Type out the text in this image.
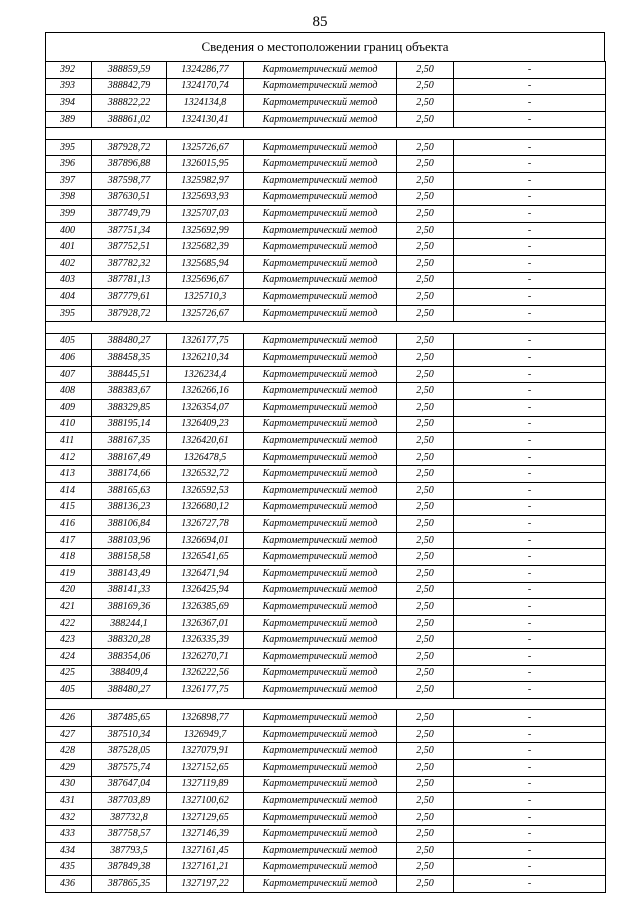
85
Сведения о местоположении границ объекта
392	388859,59	1324286,77	Картометрический метод	2,50	-
393	388842,79	1324170,74	Картометрический метод	2,50	-
394	388822,22	1324134,8	Картометрический метод	2,50	-
389	388861,02	1324130,41	Картометрический метод	2,50	-

395	387928,72	1325726,67	Картометрический метод	2,50	-
396	387896,88	1326015,95	Картометрический метод	2,50	-
397	387598,77	1325982,97	Картометрический метод	2,50	-
398	387630,51	1325693,93	Картометрический метод	2,50	-
399	387749,79	1325707,03	Картометрический метод	2,50	-
400	387751,34	1325692,99	Картометрический метод	2,50	-
401	387752,51	1325682,39	Картометрический метод	2,50	-
402	387782,32	1325685,94	Картометрический метод	2,50	-
403	387781,13	1325696,67	Картометрический метод	2,50	-
404	387779,61	1325710,3	Картометрический метод	2,50	-
395	387928,72	1325726,67	Картометрический метод	2,50	-

405	388480,27	1326177,75	Картометрический метод	2,50	-
406	388458,35	1326210,34	Картометрический метод	2,50	-
407	388445,51	1326234,4	Картометрический метод	2,50	-
408	388383,67	1326266,16	Картометрический метод	2,50	-
409	388329,85	1326354,07	Картометрический метод	2,50	-
410	388195,14	1326409,23	Картометрический метод	2,50	-
411	388167,35	1326420,61	Картометрический метод	2,50	-
412	388167,49	1326478,5	Картометрический метод	2,50	-
413	388174,66	1326532,72	Картометрический метод	2,50	-
414	388165,63	1326592,53	Картометрический метод	2,50	-
415	388136,23	1326680,12	Картометрический метод	2,50	-
416	388106,84	1326727,78	Картометрический метод	2,50	-
417	388103,96	1326694,01	Картометрический метод	2,50	-
418	388158,58	1326541,65	Картометрический метод	2,50	-
419	388143,49	1326471,94	Картометрический метод	2,50	-
420	388141,33	1326425,94	Картометрический метод	2,50	-
421	388169,36	1326385,69	Картометрический метод	2,50	-
422	388244,1	1326367,01	Картометрический метод	2,50	-
423	388320,28	1326335,39	Картометрический метод	2,50	-
424	388354,06	1326270,71	Картометрический метод	2,50	-
425	388409,4	1326222,56	Картометрический метод	2,50	-
405	388480,27	1326177,75	Картометрический метод	2,50	-

426	387485,65	1326898,77	Картометрический метод	2,50	-
427	387510,34	1326949,7	Картометрический метод	2,50	-
428	387528,05	1327079,91	Картометрический метод	2,50	-
429	387575,74	1327152,65	Картометрический метод	2,50	-
430	387647,04	1327119,89	Картометрический метод	2,50	-
431	387703,89	1327100,62	Картометрический метод	2,50	-
432	387732,8	1327129,65	Картометрический метод	2,50	-
433	387758,57	1327146,39	Картометрический метод	2,50	-
434	387793,5	1327161,45	Картометрический метод	2,50	-
435	387849,38	1327161,21	Картометрический метод	2,50	-
436	387865,35	1327197,22	Картометрический метод	2,50	-
